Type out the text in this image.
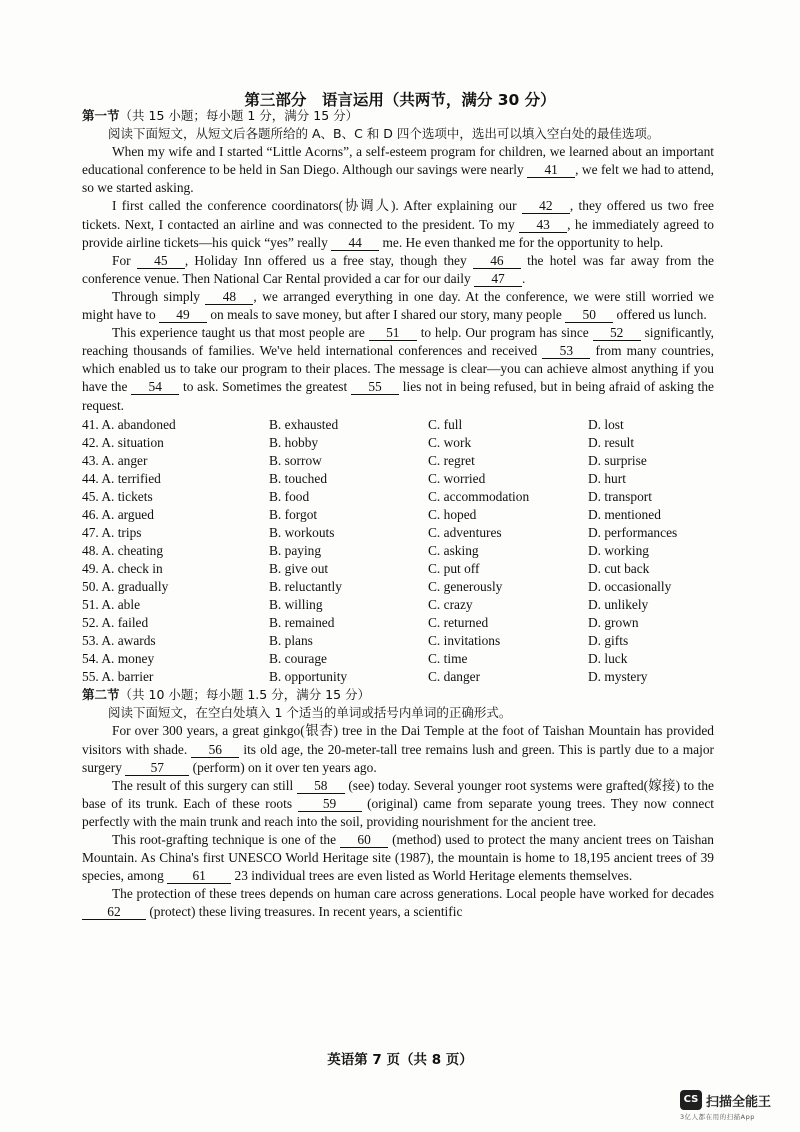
第三部分　语言运用（共两节，满分 30 分）

第一节（共 15 小题；每小题 1 分，满分 15 分）

阅读下面短文，从短文后各题所给的 A、B、C 和 D 四个选项中，选出可以填入空白处的最佳选项。

When my wife and I started “Little Acorns”, a self-esteem program for children, we learned about an important educational conference to be held in San Diego. Although our savings were nearly 41 , we felt we had to attend, so we started asking.

I first called the conference coordinators(协调人). After explaining our 42 , they offered us two free tickets. Next, I contacted an airline and was connected to the president. To my 43 , he immediately agreed to provide airline tickets—his quick “yes” really 44 me. He even thanked me for the opportunity to help.

For 45 , Holiday Inn offered us a free stay, though they 46 the hotel was far away from the conference venue. Then National Car Rental provided a car for our daily 47 .

Through simply 48 , we arranged everything in one day. At the conference, we were still worried we might have to 49 on meals to save money, but after I shared our story, many people 50 offered us lunch.

This experience taught us that most people are 51 to help. Our program has since 52 significantly, reaching thousands of families. We've held international conferences and received 53 from many countries, which enabled us to take our program to their places. The message is clear—you can achieve almost anything if you have the 54 to ask. Sometimes the greatest 55 lies not in being refused, but in being afraid of asking the request.

41. A. abandoned	B. exhausted	C. full	D. lost
42. A. situation	B. hobby	C. work	D. result
43. A. anger	B. sorrow	C. regret	D. surprise
44. A. terrified	B. touched	C. worried	D. hurt
45. A. tickets	B. food	C. accommodation	D. transport
46. A. argued	B. forgot	C. hoped	D. mentioned
47. A. trips	B. workouts	C. adventures	D. performances
48. A. cheating	B. paying	C. asking	D. working
49. A. check in	B. give out	C. put off	D. cut back
50. A. gradually	B. reluctantly	C. generously	D. occasionally
51. A. able	B. willing	C. crazy	D. unlikely
52. A. failed	B. remained	C. returned	D. grown
53. A. awards	B. plans	C. invitations	D. gifts
54. A. money	B. courage	C. time	D. luck
55. A. barrier	B. opportunity	C. danger	D. mystery

第二节（共 10 小题；每小题 1.5 分，满分 15 分）

阅读下面短文，在空白处填入 1 个适当的单词或括号内单词的正确形式。

For over 300 years, a great ginkgo(银杏) tree in the Dai Temple at the foot of Taishan Mountain has provided visitors with shade. 56 its old age, the 20-meter-tall tree remains lush and green. This is partly due to a major surgery 57 (perform) on it over ten years ago.

The result of this surgery can still 58 (see) today. Several younger root systems were grafted(嫁接) to the base of its trunk. Each of these roots 59 (original) came from separate young trees. They now connect perfectly with the main trunk and reach into the soil, providing nourishment for the ancient tree.

This root-grafting technique is one of the 60 (method) used to protect the many ancient trees on Taishan Mountain. As China's first UNESCO World Heritage site (1987), the mountain is home to 18,195 ancient trees of 39 species, among 61 23 individual trees are even listed as World Heritage elements themselves.

The protection of these trees depends on human care across generations. Local people have worked for decades 62 (protect) these living treasures. In recent years, a scientific

英语第 7 页（共 8 页）
CS 扫描全能王
3亿人都在用的扫描App
